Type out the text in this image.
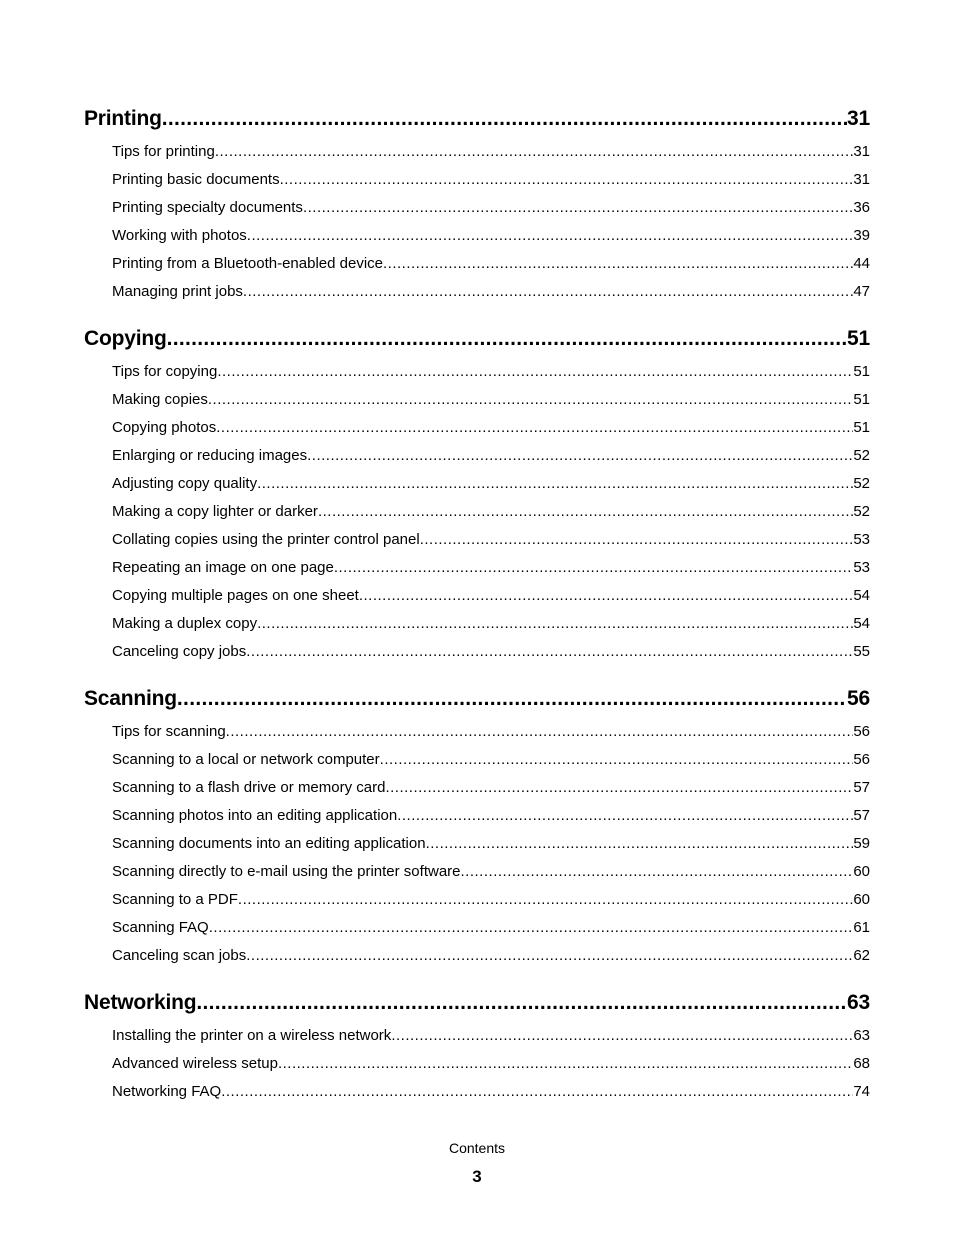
Printing .....	31
Tips for printing .....	31
Printing basic documents .....	31
Printing specialty documents .....	36
Working with photos .....	39
Printing from a Bluetooth-enabled device .....	44
Managing print jobs .....	47
Copying .....	51
Tips for copying .....	51
Making copies .....	51
Copying photos .....	51
Enlarging or reducing images .....	52
Adjusting copy quality .....	52
Making a copy lighter or darker .....	52
Collating copies using the printer control panel .....	53
Repeating an image on one page .....	53
Copying multiple pages on one sheet .....	54
Making a duplex copy .....	54
Canceling copy jobs .....	55
Scanning .....	56
Tips for scanning .....	56
Scanning to a local or network computer .....	56
Scanning to a flash drive or memory card .....	57
Scanning photos into an editing application .....	57
Scanning documents into an editing application .....	59
Scanning directly to e-mail using the printer software .....	60
Scanning to a PDF .....	60
Scanning FAQ .....	61
Canceling scan jobs .....	62
Networking .....	63
Installing the printer on a wireless network .....	63
Advanced wireless setup .....	68
Networking FAQ .....	74
Contents
3
